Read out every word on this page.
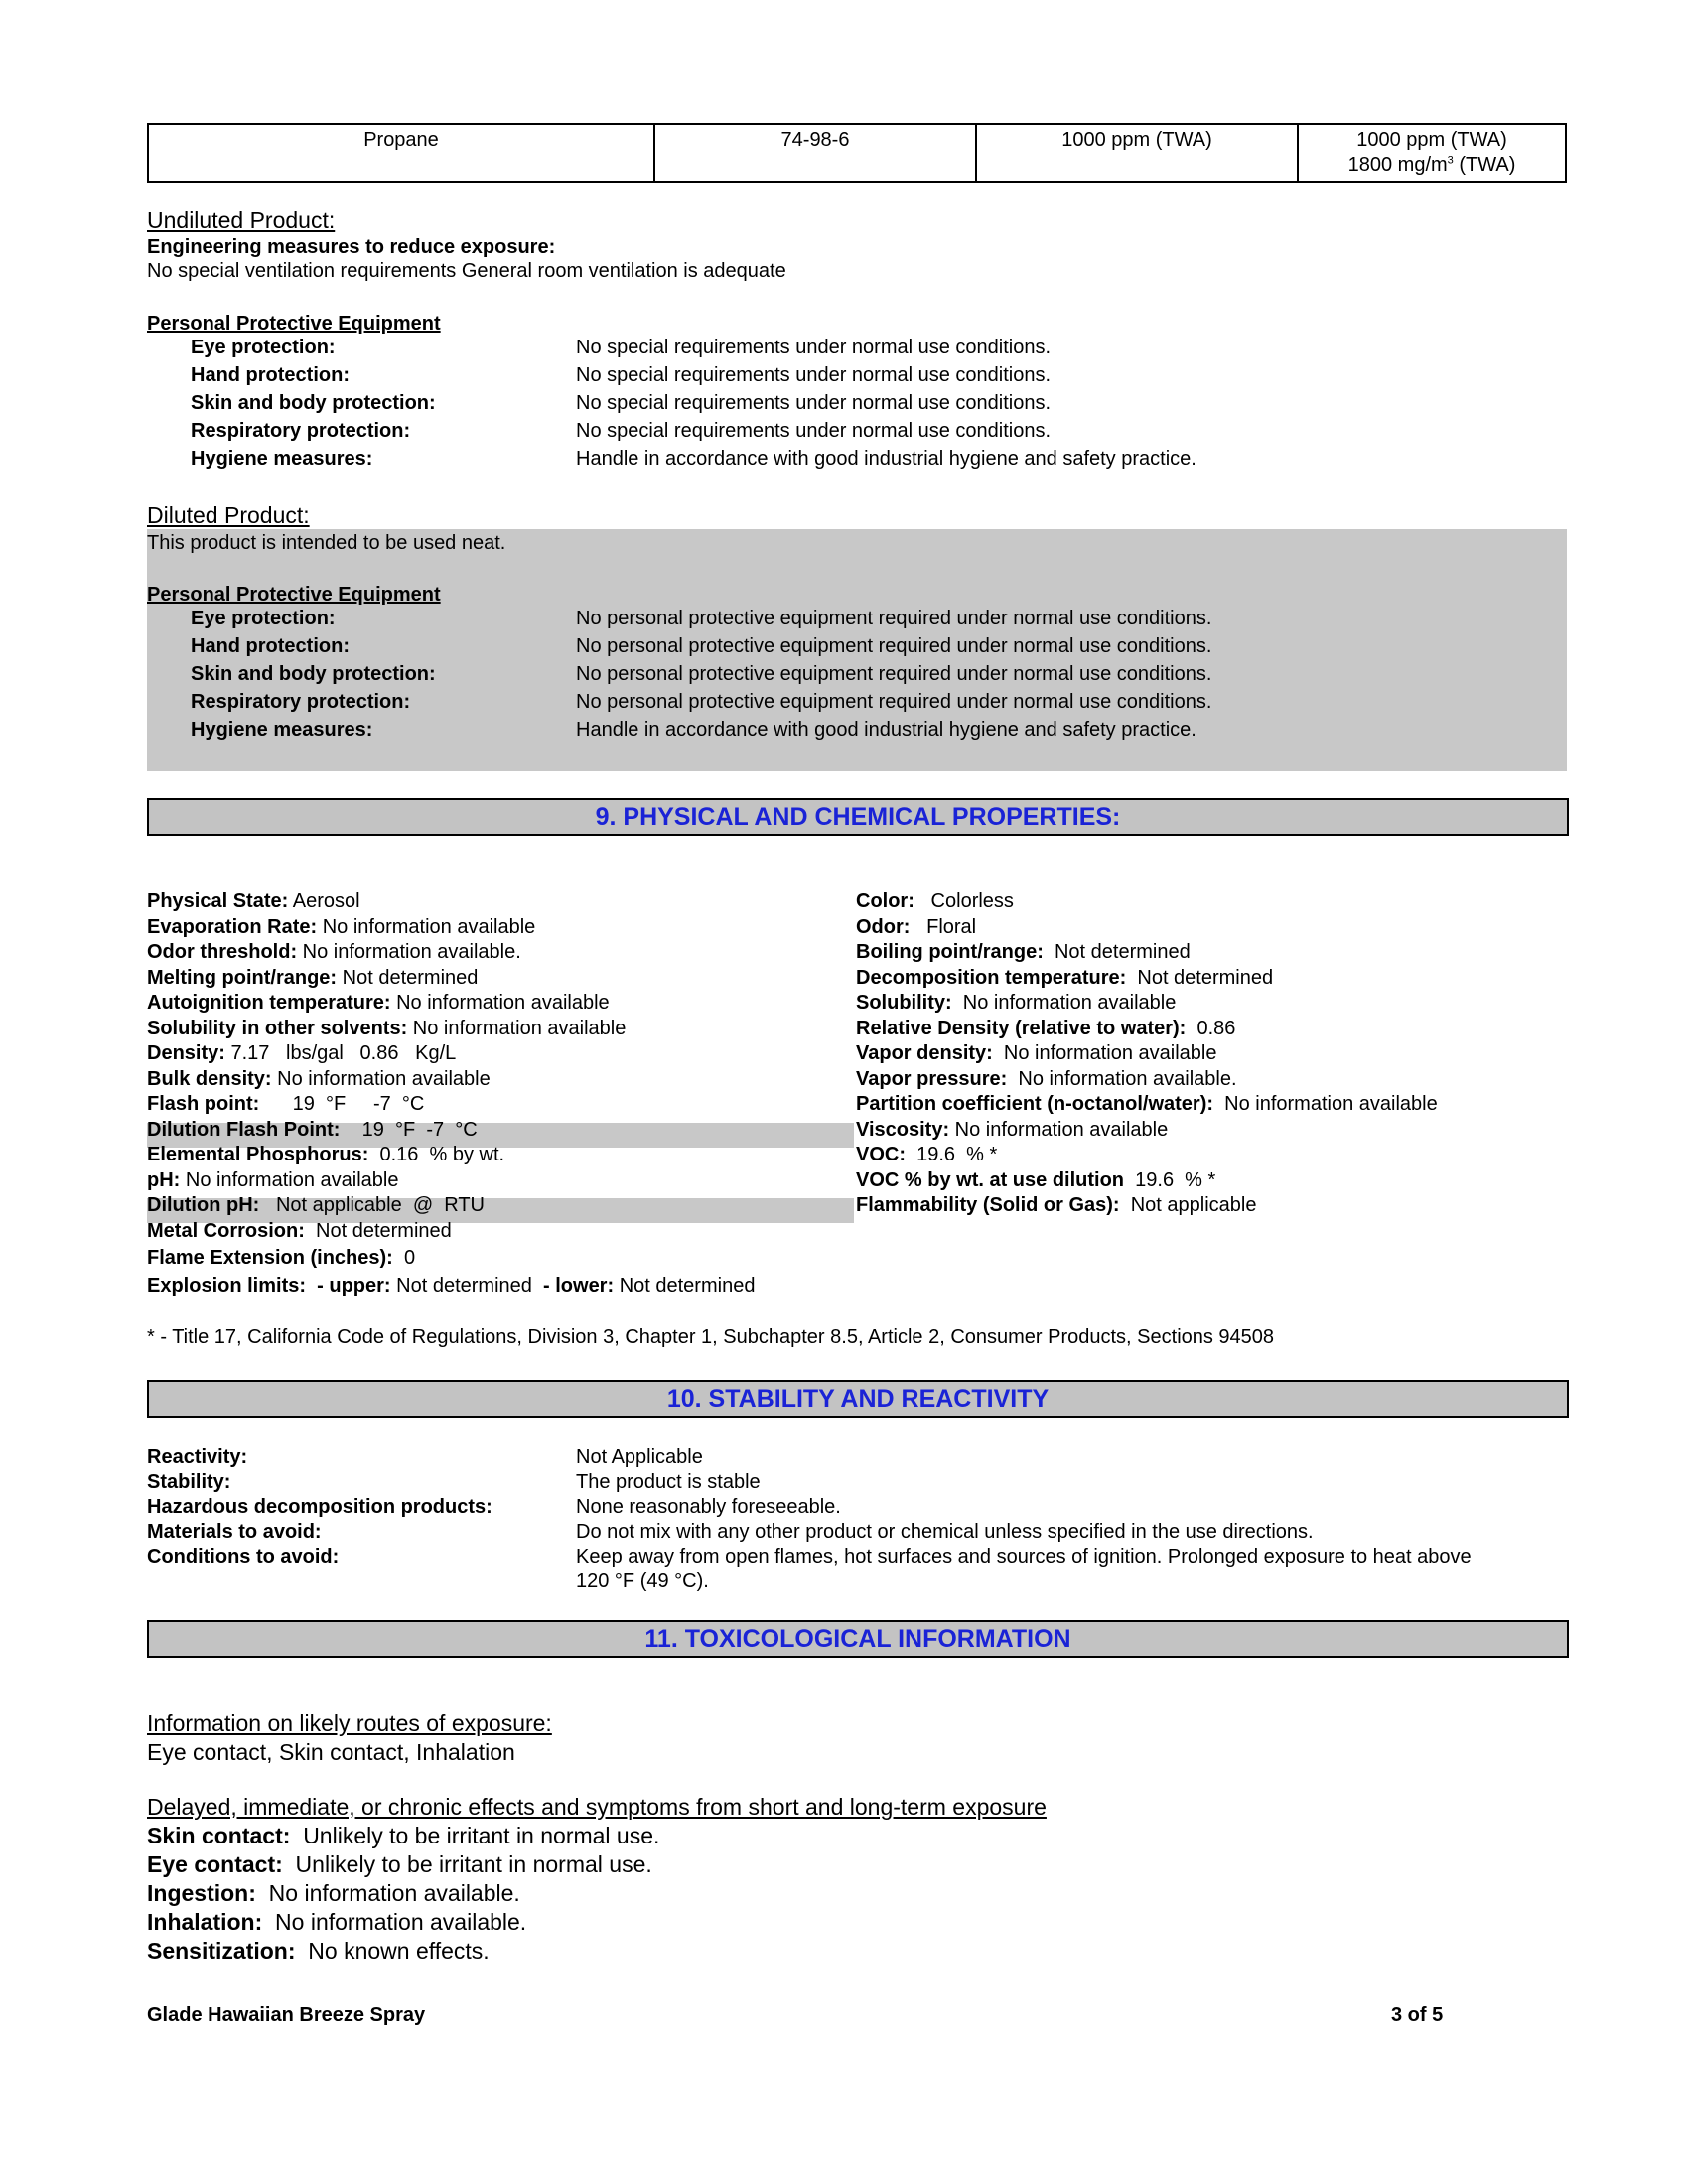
Propane	74-98-6	1000 ppm (TWA)	1000 ppm (TWA)
1800 $mg/m^3$ (TWA)
Undiluted Product:
Engineering measures to reduce exposure:
No special ventilation requirements General room ventilation is adequate
Personal Protective Equipment
Eye protection:	No special requirements under normal use conditions.
Hand protection:	No special requirements under normal use conditions.
Skin and body protection:	No special requirements under normal use conditions.
Respiratory protection:	No special requirements under normal use conditions.
Hygiene measures:	Handle in accordance with good industrial hygiene and safety practice.
Diluted Product:
This product is intended to be used neat.
Personal Protective Equipment
Eye protection:	No personal protective equipment required under normal use conditions.
Hand protection:	No personal protective equipment required under normal use conditions.
Skin and body protection:	No personal protective equipment required under normal use conditions.
Respiratory protection:	No personal protective equipment required under normal use conditions.
Hygiene measures:	Handle in accordance with good industrial hygiene and safety practice.
9. PHYSICAL AND CHEMICAL PROPERTIES:
Physical State: Aerosol
Evaporation Rate: No information available
Odor threshold: No information available.
Melting point/range: Not determined
Autoignition temperature: No information available
Solubility in other solvents: No information available
Density: 7.17   lbs/gal   0.86   Kg/L
Bulk density: No information available
Flash point:      19  °F     -7  °C
Dilution Flash Point:    19  °F  -7  °C
Elemental Phosphorus:  0.16  % by wt.
pH: No information available
Dilution pH:   Not applicable  @  RTU
Metal Corrosion:  Not determined
Flame Extension (inches):  0
Explosion limits: - upper: Not determined - lower: Not determined
Color:   Colorless
Odor:   Floral
Boiling point/range:  Not determined
Decomposition temperature:  Not determined
Solubility:  No information available
Relative Density (relative to water):  0.86
Vapor density:  No information available
Vapor pressure:  No information available.
Partition coefficient (n-octanol/water):  No information available
Viscosity: No information available
VOC:  19.6  % *
VOC % by wt. at use dilution  19.6  % *
Flammability (Solid or Gas):  Not applicable
* - Title 17, California Code of Regulations, Division 3, Chapter 1, Subchapter 8.5, Article 2, Consumer Products, Sections 94508
10. STABILITY AND REACTIVITY
Reactivity:	Not Applicable
Stability:	The product is stable
Hazardous decomposition products:	None reasonably foreseeable.
Materials to avoid:	Do not mix with any other product or chemical unless specified in the use directions.
Conditions to avoid:	Keep away from open flames, hot surfaces and sources of ignition. Prolonged exposure to heat above
120 °F (49 °C).
11. TOXICOLOGICAL INFORMATION
Information on likely routes of exposure:
Eye contact, Skin contact, Inhalation
Delayed, immediate, or chronic effects and symptoms from short and long-term exposure
Skin contact:  Unlikely to be irritant in normal use.
Eye contact:  Unlikely to be irritant in normal use.
Ingestion:  No information available.
Inhalation:  No information available.
Sensitization:  No known effects.
Glade Hawaiian Breeze Spray	3 of 5
